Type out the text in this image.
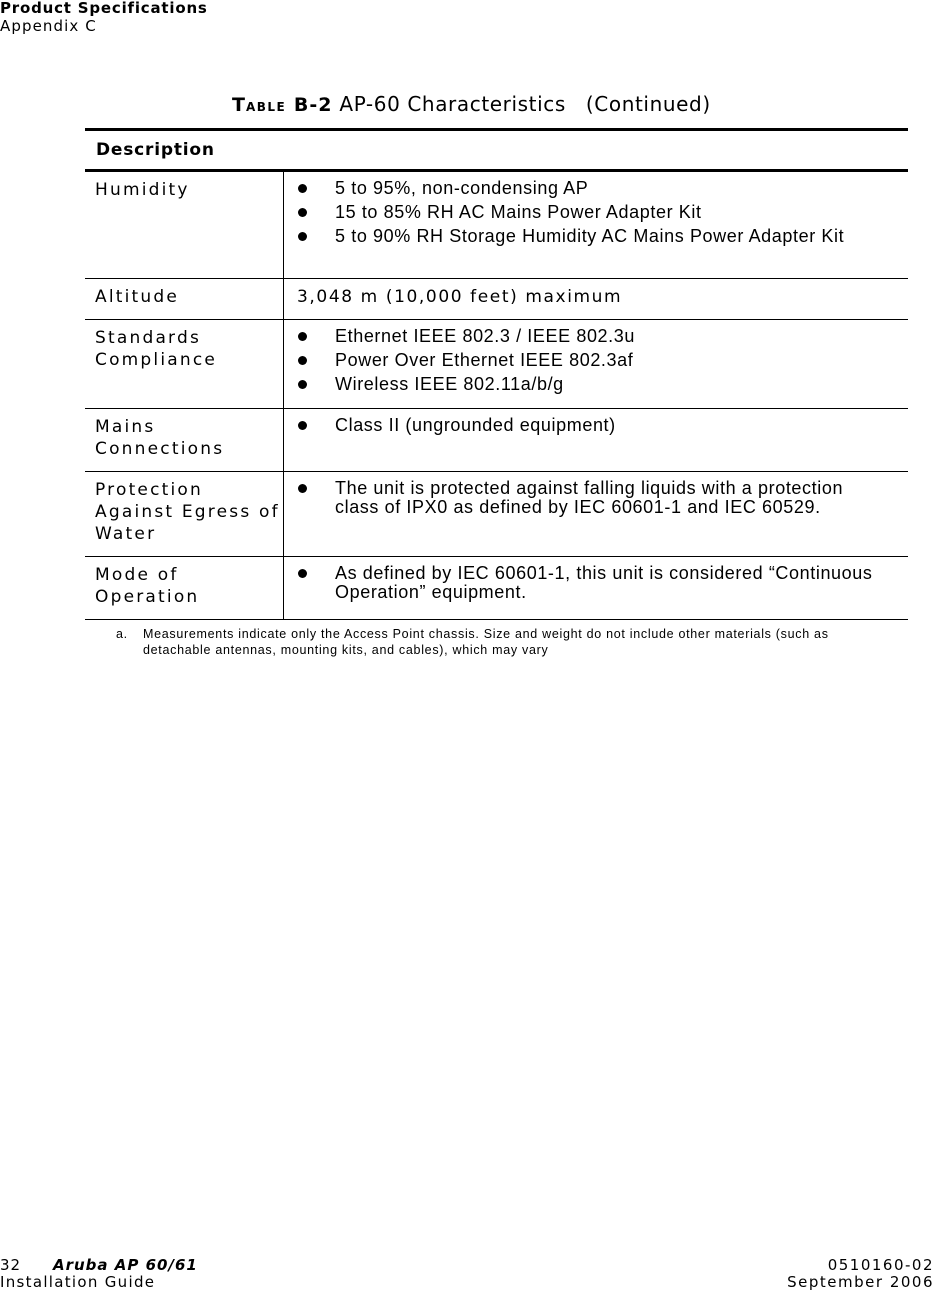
Product Specifications
Appendix C
TABLE B-2 AP-60 Characteristics (Continued)
Description
Humidity	5 to 95%, non-condensing AP
15 to 85% RH AC Mains Power Adapter Kit
5 to 90% RH Storage Humidity AC Mains Power Adapter Kit
Altitude	3,048 m (10,000 feet) maximum
Standards Compliance
Ethernet IEEE 802.3 / IEEE 802.3u
Power Over Ethernet IEEE 802.3af
Wireless IEEE 802.11a/b/g
Mains Connections
Class II (ungrounded equipment)
Protection Against Egress of Water
The unit is protected against falling liquids with a protection class of IPX0 as defined by IEC 60601-1 and IEC 60529.
Mode of Operation
As defined by IEC 60601-1, this unit is considered “Continuous Operation” equipment.
a. Measurements indicate only the Access Point chassis. Size and weight do not include other materials (such as detachable antennas, mounting kits, and cables), which may vary
32 Aruba AP 60/61
Installation Guide
0510160-02
September 2006
